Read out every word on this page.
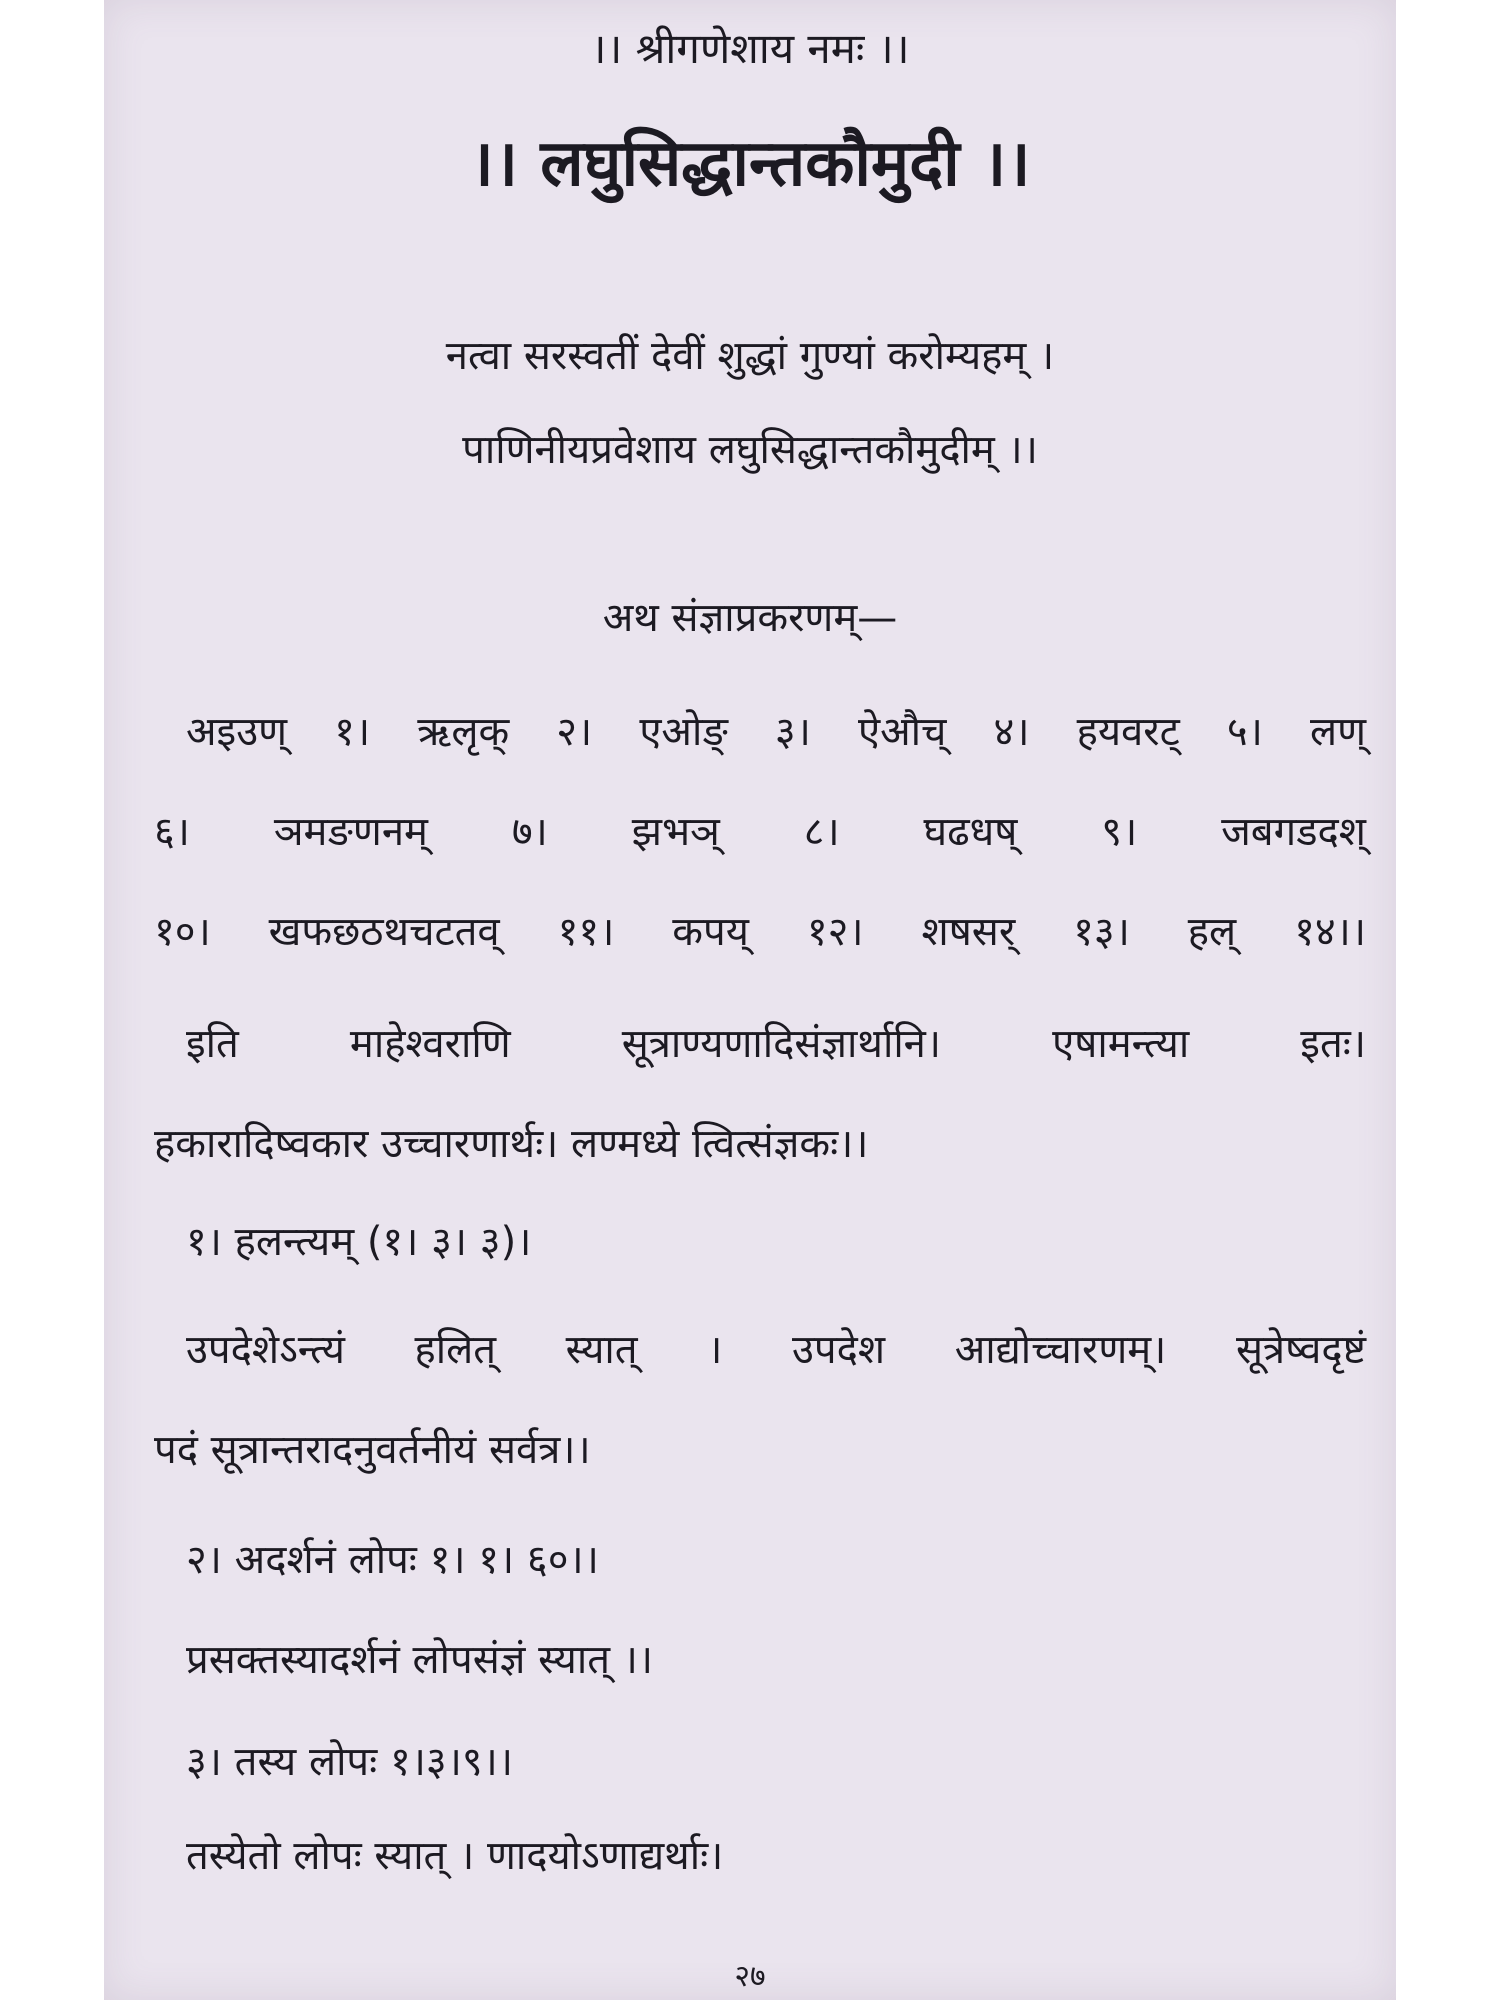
।। श्रीगणेशाय नमः ।।
।। लघुसिद्धान्तकौमुदी ।।
नत्वा सरस्वतीं देवीं शुद्धां गुण्यां करोम्यहम् ।
पाणिनीयप्रवेशाय लघुसिद्धान्तकौमुदीम् ।।
अथ संज्ञाप्रकरणम्—
अइउण् १। ऋलृक् २। एओङ् ३। ऐऔच् ४। हयवरट् ५। लण्
६। ञमङणनम् ७। झभञ् ८। घढधष् ९। जबगडदश्
१०। खफछठथचटतव् ११। कपय् १२। शषसर् १३। हल् १४।।
इति माहेश्वराणि सूत्राण्यणादिसंज्ञार्थानि। एषामन्त्या इतः।
हकारादिष्वकार उच्चारणार्थः। लण्मध्ये त्वित्संज्ञकः।।
१। हलन्त्यम् (१। ३। ३)।
उपदेशेऽन्त्यं हलित् स्यात् । उपदेश आद्योच्चारणम्। सूत्रेष्वदृष्टं
पदं सूत्रान्तरादनुवर्तनीयं सर्वत्र।।
२। अदर्शनं लोपः १। १। ६०।।
प्रसक्तस्यादर्शनं लोपसंज्ञं स्यात् ।।
३। तस्य लोपः १।३।९।।
तस्येतो लोपः स्यात् । णादयोऽणाद्यर्थाः।
२७
